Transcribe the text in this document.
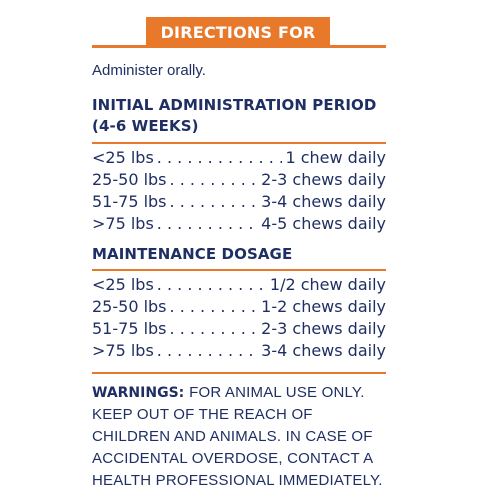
DIRECTIONS FOR USE
Administer orally.
INITIAL ADMINISTRATION PERIOD
(4-6 WEEKS)
<25 lbs . . .	1 chew daily
25-50 lbs . . .	2-3 chews daily
51-75 lbs . . .	3-4 chews daily
>75 lbs . . .	4-5 chews daily
MAINTENANCE DOSAGE
<25 lbs . . .	1/2 chew daily
25-50 lbs . . .	1-2 chews daily
51-75 lbs . . .	2-3 chews daily
>75 lbs . . .	3-4 chews daily
WARNINGS: FOR ANIMAL USE ONLY. KEEP OUT OF THE REACH OF CHILDREN AND ANIMALS. IN CASE OF ACCIDENTAL OVERDOSE, CONTACT A HEALTH PROFESSIONAL IMMEDIATELY.
